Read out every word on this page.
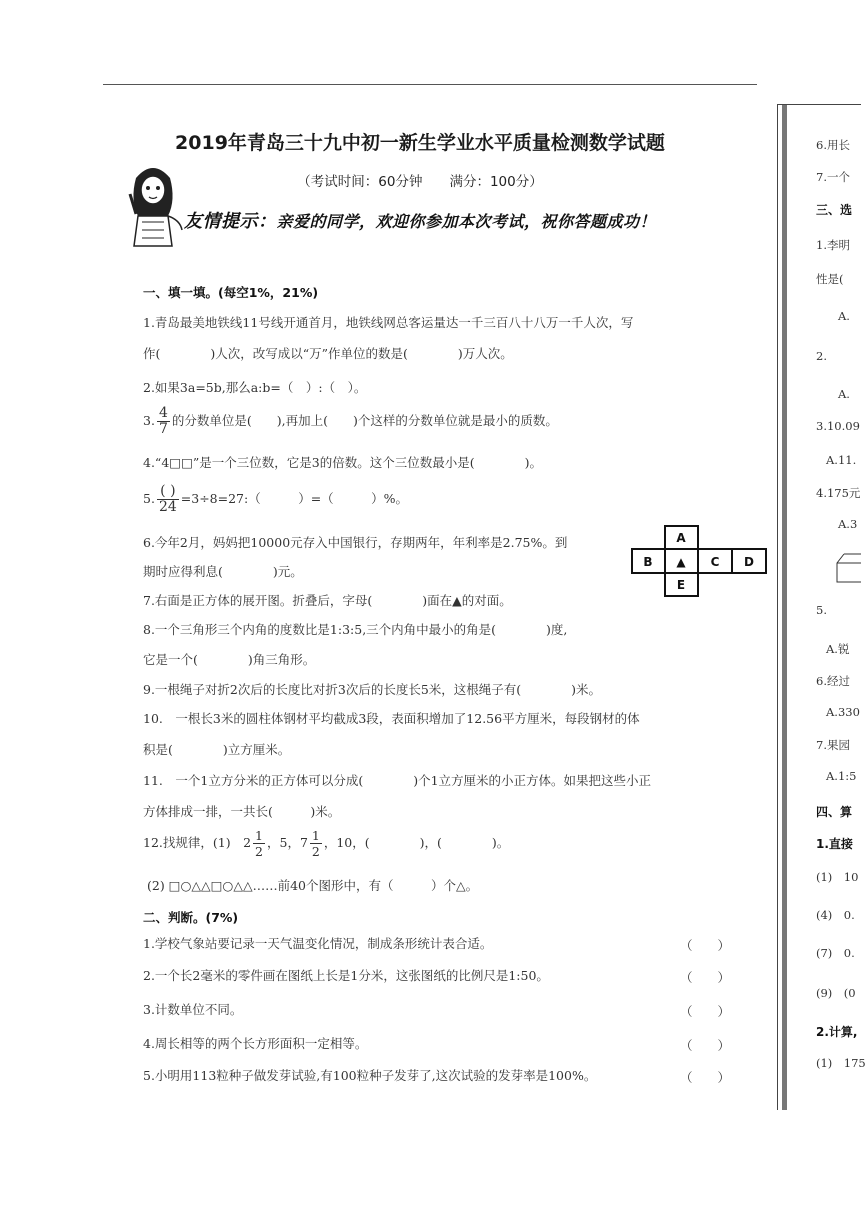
2019年青岛三十九中初一新生学业水平质量检测数学试题
（考试时间：60分钟　　满分：100分）
友情提示：亲爱的同学，欢迎你参加本次考试，祝你答题成功！
一、填一填。(每空1%，21%)
1.青岛最美地铁线11号线开通首月，地铁线网总客运量达一千三百八十八万一千人次，写
作(　　　　)人次，改写成以“万”作单位的数是(　　　　)万人次。
2.如果3a=5b,那么a:b=（　）:（　）。
3. $\frac{4}{7}$ 的分数单位是(　　),再加上(　　)个这样的分数单位就是最小的质数。
4.“4□□”是一个三位数，它是3的倍数。这个三位数最小是(　　　　)。
5. $\frac{( )}{24}$ =3÷8=27:（　　　）=（　　　）%。
6.今年2月，妈妈把10000元存入中国银行，存期两年，年利率是2.75%。到
期时应得利息(　　　　)元。
7.右面是正方体的展开图。折叠后，字母(　　　　)面在▲的对面。
8.一个三角形三个内角的度数比是1:3:5,三个内角中最小的角是(　　　　)度,
它是一个(　　　　)角三角形。
9.一根绳子对折2次后的长度比对折3次后的长度长5米，这根绳子有(　　　　)米。
10.　一根长3米的圆柱体钢材平均截成3段，表面积增加了12.56平方厘米，每段钢材的体
积是(　　　　)立方厘米。
11.　一个1立方分米的正方体可以分成(　　　　)个1立方厘米的小正方体。如果把这些小正
方体排成一排，一共长(　　　)米。
12.找规律，(1)　$2 \frac{1}{2}$ ，5，$7 \frac{1}{2}$ ，10，(　　　　)，(　　　　)。
(2) □○△△□○△△……前40个图形中，有（　　　）个△。
A
B ▲ C D
E
二、判断。(7%)
1.学校气象站要记录一天气温变化情况，制成条形统计表合适。	（　　）
2.一个长2毫米的零件画在图纸上长是1分米，这张图纸的比例尺是1:50。	（　　）
3.计数单位不同。	（　　）
4.周长相等的两个长方形面积一定相等。	（　　）
5.小明用113粒种子做发芽试验,有100粒种子发芽了,这次试验的发芽率是100%。	（　　）
6.用长
7.一个
三、选
1.李明
性是(
A.
2.
A.
3.10.09
A.11.
4.175元
A.3
5.
A.锐
6.经过
A.330
7.果园
A.1:5
四、算
1.直接
(1)　10
(4)　0.
(7)　0.
(9)　(0
2.计算,
(1)　175
